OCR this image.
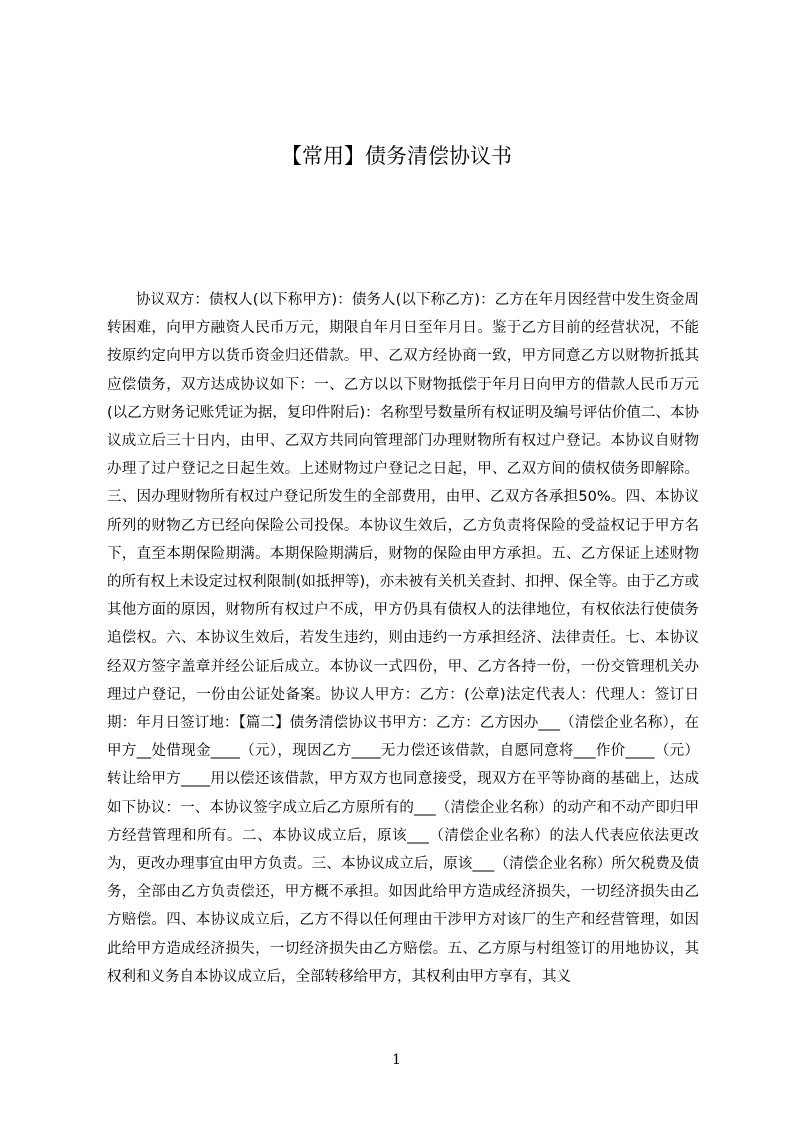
【常用】债务清偿协议书

协议双方：债权人(以下称甲方)：债务人(以下称乙方)：乙方在年月因经营中发生资金周转困难，向甲方融资人民币万元，期限自年月日至年月日。鉴于乙方目前的经营状况，不能按原约定向甲方以货币资金归还借款。甲、乙双方经协商一致，甲方同意乙方以财物折抵其应偿债务，双方达成协议如下：一、乙方以以下财物抵偿于年月日向甲方的借款人民币万元(以乙方财务记账凭证为据，复印件附后)：名称型号数量所有权证明及编号评估价值二、本协议成立后三十日内，由甲、乙双方共同向管理部门办理财物所有权过户登记。本协议自财物办理了过户登记之日起生效。上述财物过户登记之日起，甲、乙双方间的债权债务即解除。三、因办理财物所有权过户登记所发生的全部费用，由甲、乙双方各承担50%。四、本协议所列的财物乙方已经向保险公司投保。本协议生效后，乙方负责将保险的受益权记于甲方名下，直至本期保险期满。本期保险期满后，财物的保险由甲方承担。五、乙方保证上述财物的所有权上未设定过权利限制(如抵押等)，亦未被有关机关查封、扣押、保全等。由于乙方或其他方面的原因，财物所有权过户不成，甲方仍具有债权人的法律地位，有权依法行使债务追偿权。六、本协议生效后，若发生违约，则由违约一方承担经济、法律责任。七、本协议经双方签字盖章并经公证后成立。本协议一式四份，甲、乙方各持一份，一份交管理机关办理过户登记，一份由公证处备案。协议人甲方：乙方：(公章)法定代表人：代理人：签订日期：年月日签订地：【篇二】债务清偿协议书甲方：乙方：乙方因办___（清偿企业名称），在甲方__处借现金____（元），现因乙方____无力偿还该借款，自愿同意将___作价____（元）转让给甲方____用以偿还该借款，甲方双方也同意接受，现双方在平等协商的基础上，达成如下协议：一、本协议签字成立后乙方原所有的___（清偿企业名称）的动产和不动产即归甲方经营管理和所有。二、本协议成立后，原该___（清偿企业名称）的法人代表应依法更改为，更改办理事宜由甲方负责。三、本协议成立后，原该___（清偿企业名称）所欠税费及债务，全部由乙方负责偿还，甲方概不承担。如因此给甲方造成经济损失，一切经济损失由乙方赔偿。四、本协议成立后，乙方不得以任何理由干涉甲方对该厂的生产和经营管理，如因此给甲方造成经济损失，一切经济损失由乙方赔偿。五、乙方原与村组签订的用地协议，其权利和义务自本协议成立后，全部转移给甲方，其权利由甲方享有，其义

1
